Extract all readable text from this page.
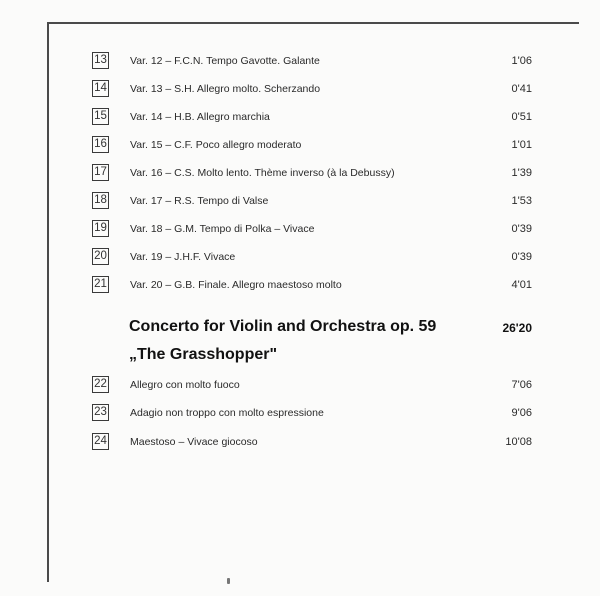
13 Var. 12 – F.C.N. Tempo Gavotte. Galante	1'06
14 Var. 13 – S.H. Allegro molto. Scherzando	0'41
15 Var. 14 – H.B. Allegro marchia	0'51
16 Var. 15 – C.F. Poco allegro moderato	1'01
17 Var. 16 – C.S. Molto lento. Thème inverso (à la Debussy)	1'39
18 Var. 17 – R.S. Tempo di Valse	1'53
19 Var. 18 – G.M. Tempo di Polka – Vivace	0'39
20 Var. 19 – J.H.F. Vivace	0'39
21 Var. 20 – G.B. Finale. Allegro maestoso molto	4'01
Concerto for Violin and Orchestra op. 59	26'20
„The Grasshopper"
22 Allegro con molto fuoco	7'06
23 Adagio non troppo con molto espressione	9'06
24 Maestoso – Vivace giocoso	10'08
